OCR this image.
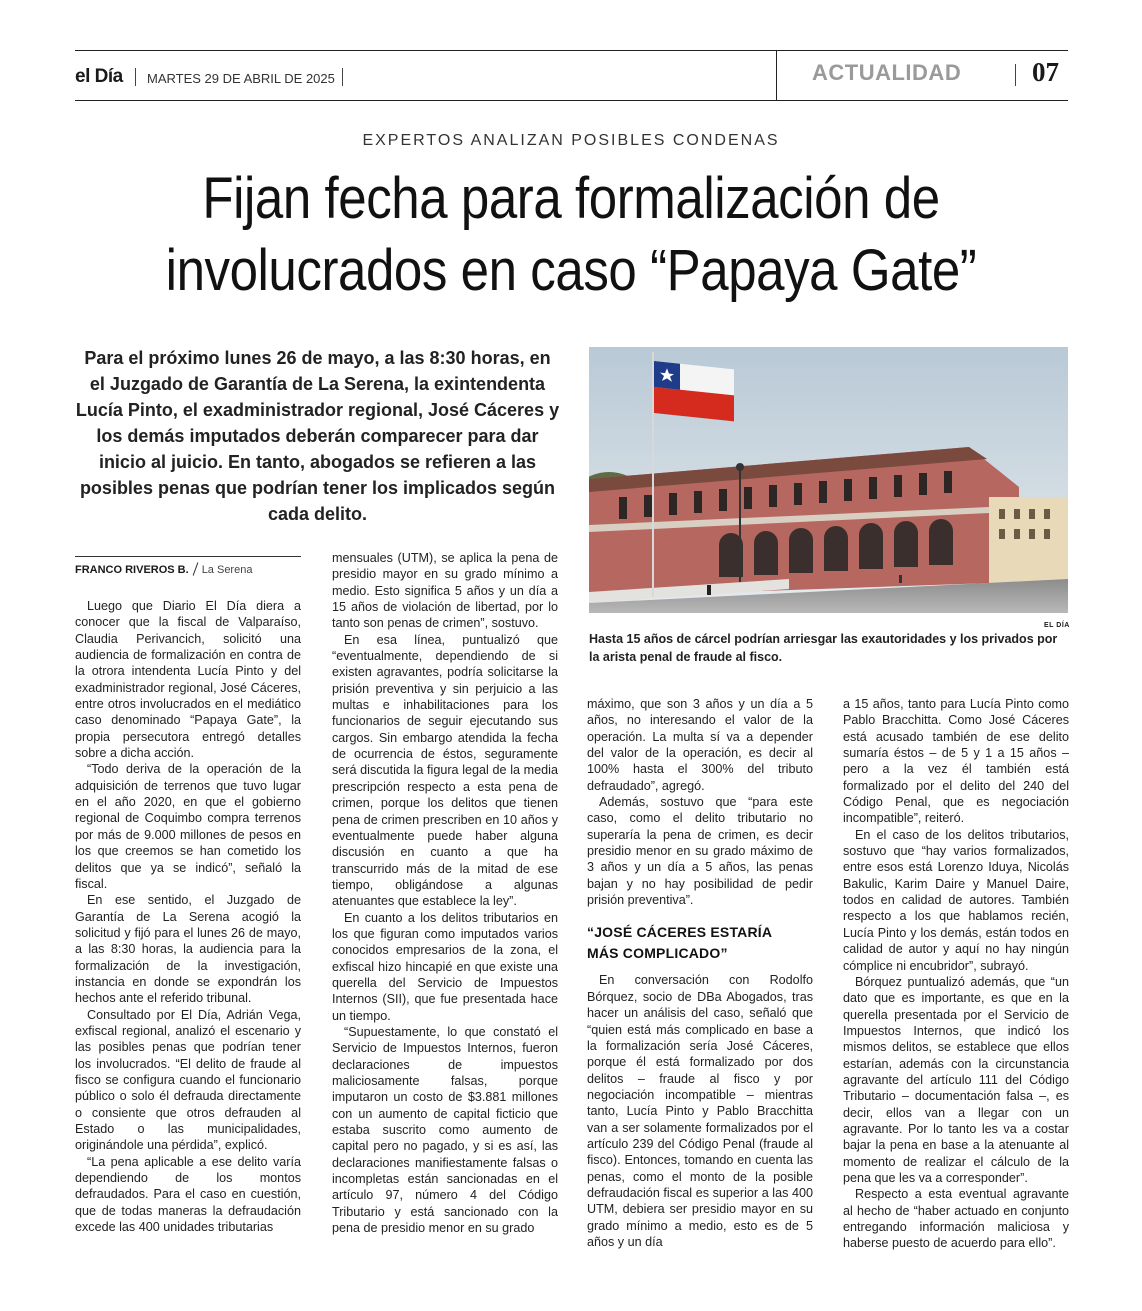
el Día MARTES 29 DE ABRIL DE 2025	ACTUALIDAD	07
EXPERTOS ANALIZAN POSIBLES CONDENAS
Fijan fecha para formalización de involucrados en caso “Papaya Gate”
Para el próximo lunes 26 de mayo, a las 8:30 horas, en el Juzgado de Garantía de La Serena, la exintendenta Lucía Pinto, el exadministrador regional, José Cáceres y los demás imputados deberán comparecer para dar inicio al juicio. En tanto, abogados se refieren a las posibles penas que podrían tener los implicados según cada delito.
EL DÍA
Hasta 15 años de cárcel podrían arriesgar las exautoridades y los privados por la arista penal de fraude al fisco.
FRANCO RIVEROS B. La Serena

Luego que Diario El Día diera a conocer que la fiscal de Valparaíso, Claudia Perivancich, solicitó una audiencia de formalización en contra de la otrora intendenta Lucía Pinto y del exadministrador regional, José Cáceres, entre otros involucrados en el mediático caso denominado “Papaya Gate”, la propia persecutora entregó detalles sobre a dicha acción.

“Todo deriva de la operación de la adquisición de terrenos que tuvo lugar en el año 2020, en que el gobierno regional de Coquimbo compra terrenos por más de 9.000 millones de pesos en los que creemos se han cometido los delitos que ya se indicó”, señaló la fiscal.

En ese sentido, el Juzgado de Garantía de La Serena acogió la solicitud y fijó para el lunes 26 de mayo, a las 8:30 horas, la audiencia para la formalización de la investigación, instancia en donde se expondrán los hechos ante el referido tribunal.

Consultado por El Día, Adrián Vega, exfiscal regional, analizó el escenario y las posibles penas que podrían tener los involucrados. “El delito de fraude al fisco se configura cuando el funcionario público o solo él defrauda directamente o consiente que otros defrauden al Estado o las municipalidades, originándole una pérdida”, explicó.

“La pena aplicable a ese delito varía dependiendo de los montos defraudados. Para el caso en cuestión, que de todas maneras la defraudación excede las 400 unidades tributarias

mensuales (UTM), se aplica la pena de presidio mayor en su grado mínimo a medio. Esto significa 5 años y un día a 15 años de violación de libertad, por lo tanto son penas de crimen”, sostuvo.

En esa línea, puntualizó que “eventualmente, dependiendo de si existen agravantes, podría solicitarse la prisión preventiva y sin perjuicio a las multas e inhabilitaciones para los funcionarios de seguir ejecutando sus cargos. Sin embargo atendida la fecha de ocurrencia de éstos, seguramente será discutida la figura legal de la media prescripción respecto a esta pena de crimen, porque los delitos que tienen pena de crimen prescriben en 10 años y eventualmente puede haber alguna discusión en cuanto a que ha transcurrido más de la mitad de ese tiempo, obligándose a algunas atenuantes que establece la ley”.

En cuanto a los delitos tributarios en los que figuran como imputados varios conocidos empresarios de la zona, el exfiscal hizo hincapié en que existe una querella del Servicio de Impuestos Internos (SII), que fue presentada hace un tiempo.

“Supuestamente, lo que constató el Servicio de Impuestos Internos, fueron declaraciones de impuestos maliciosamente falsas, porque imputaron un costo de $3.881 millones con un aumento de capital ficticio que estaba suscrito como aumento de capital pero no pagado, y si es así, las declaraciones manifiestamente falsas o incompletas están sancionadas en el artículo 97, número 4 del Código Tributario y está sancionado con la pena de presidio menor en su grado

máximo, que son 3 años y un día a 5 años, no interesando el valor de la operación. La multa sí va a depender del valor de la operación, es decir al 100% hasta el 300% del tributo defraudado”, agregó.

Además, sostuvo que “para este caso, como el delito tributario no superaría la pena de crimen, es decir presidio menor en su grado máximo de 3 años y un día a 5 años, las penas bajan y no hay posibilidad de pedir prisión preventiva”.

“JOSÉ CÁCERES ESTARÍA
MÁS COMPLICADO”

En conversación con Rodolfo Bórquez, socio de DBa Abogados, tras hacer un análisis del caso, señaló que “quien está más complicado en base a la formalización sería José Cáceres, porque él está formalizado por dos delitos – fraude al fisco y por negociación incompatible – mientras tanto, Lucía Pinto y Pablo Bracchitta van a ser solamente formalizados por el artículo 239 del Código Penal (fraude al fisco). Entonces, tomando en cuenta las penas, como el monto de la posible defraudación fiscal es superior a las 400 UTM, debiera ser presidio mayor en su grado mínimo a medio, esto es de 5 años y un día

a 15 años, tanto para Lucía Pinto como Pablo Bracchitta. Como José Cáceres está acusado también de ese delito sumaría éstos – de 5 y 1 a 15 años – pero a la vez él también está formalizado por el delito del 240 del Código Penal, que es negociación incompatible”, reiteró.

En el caso de los delitos tributarios, sostuvo que “hay varios formalizados, entre esos está Lorenzo Iduya, Nicolás Bakulic, Karim Daire y Manuel Daire, todos en calidad de autores. También respecto a los que hablamos recién, Lucía Pinto y los demás, están todos en calidad de autor y aquí no hay ningún cómplice ni encubridor”, subrayó.

Bórquez puntualizó además, que “un dato que es importante, es que en la querella presentada por el Servicio de Impuestos Internos, que indicó los mismos delitos, se establece que ellos estarían, además con la circunstancia agravante del artículo 111 del Código Tributario – documentación falsa –, es decir, ellos van a llegar con un agravante. Por lo tanto les va a costar bajar la pena en base a la atenuante al momento de realizar el cálculo de la pena que les va a corresponder”.

Respecto a esta eventual agravante al hecho de “haber actuado en conjunto entregando información maliciosa y haberse puesto de acuerdo para ello”.
